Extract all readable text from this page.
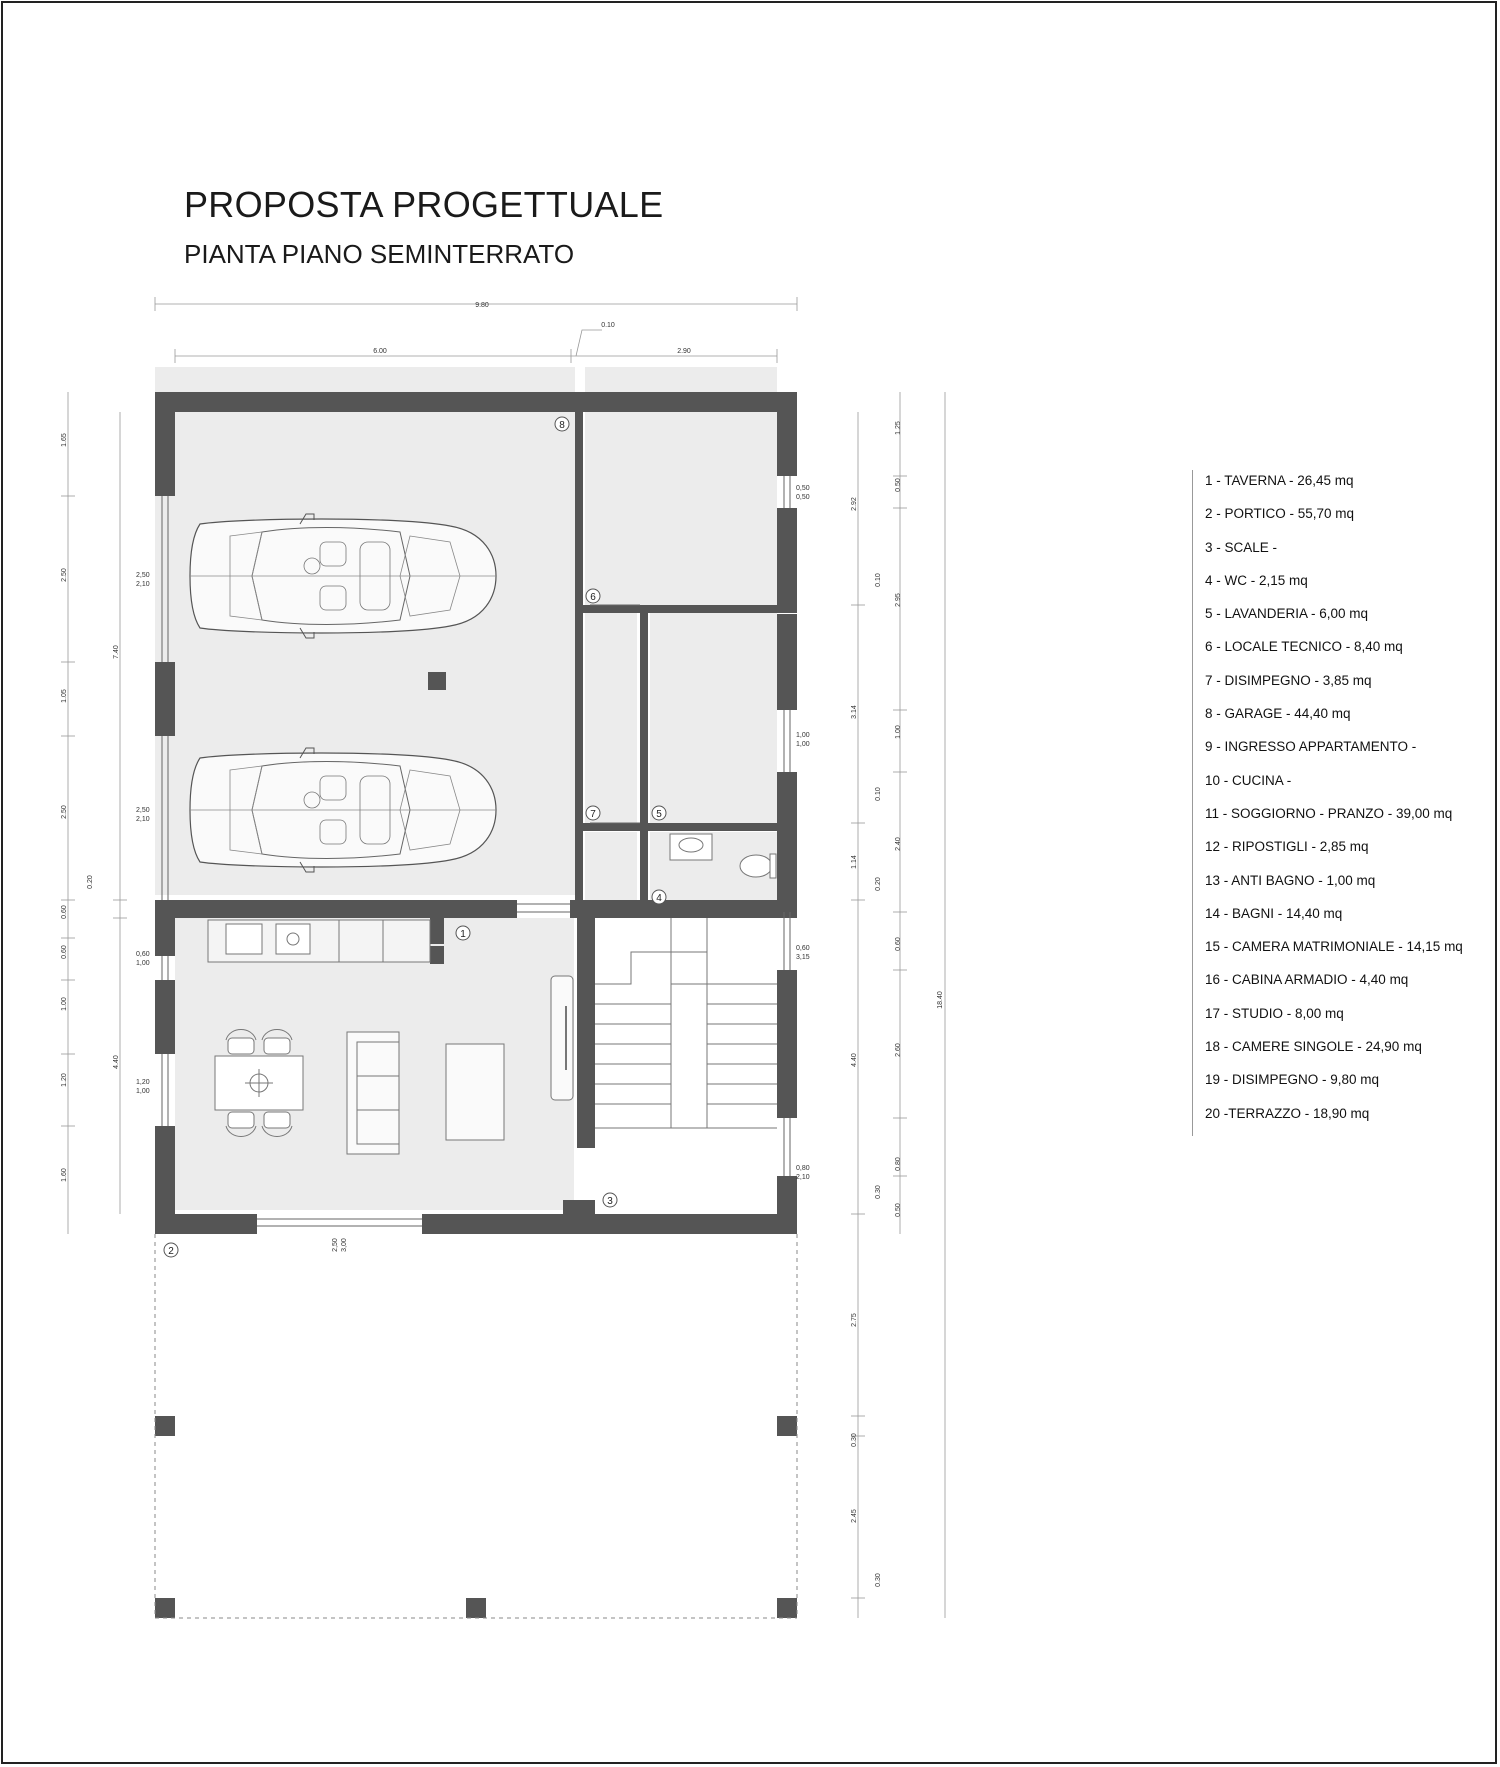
PROPOSTA PROGETTUALE
PIANTA PIANO SEMINTERRATO
1
2
3
4
5
6
7
8
9.80
6.00	2.90
0.10
1.65
2.50
1.05
2.50
0.60
0.60
1.00
1.20
1.60
7.40
0.20
4.40
1.25
0.50
2.95
1.00
2.40
0.60
2.60
0.80
0.50
2.92
0.10
3.14
0.10
1.14
0.20
4.40
0.30
2.75
0.30
2.45
0.30
18.40
2,50
2,10
2,50
2,10
0,60
1,00
1,20
1,00
0,50
0,50
1,00
1,00
0,60
3,15
0,80
2,10
2,50 3,00
1 - TAVERNA - 26,45 mq
2 - PORTICO - 55,70 mq
3 - SCALE -
4 - WC - 2,15 mq
5 - LAVANDERIA - 6,00 mq
6 - LOCALE TECNICO - 8,40 mq
7 - DISIMPEGNO - 3,85 mq
8 - GARAGE - 44,40 mq
9 - INGRESSO APPARTAMENTO -
10 - CUCINA -
11 - SOGGIORNO - PRANZO - 39,00 mq
12 - RIPOSTIGLI - 2,85 mq
13 - ANTI BAGNO - 1,00 mq
14 - BAGNI - 14,40 mq
15 - CAMERA MATRIMONIALE - 14,15 mq
16 - CABINA ARMADIO - 4,40 mq
17 - STUDIO - 8,00 mq
18 - CAMERE SINGOLE - 24,90 mq
19 - DISIMPEGNO - 9,80 mq
20 -TERRAZZO - 18,90 mq
